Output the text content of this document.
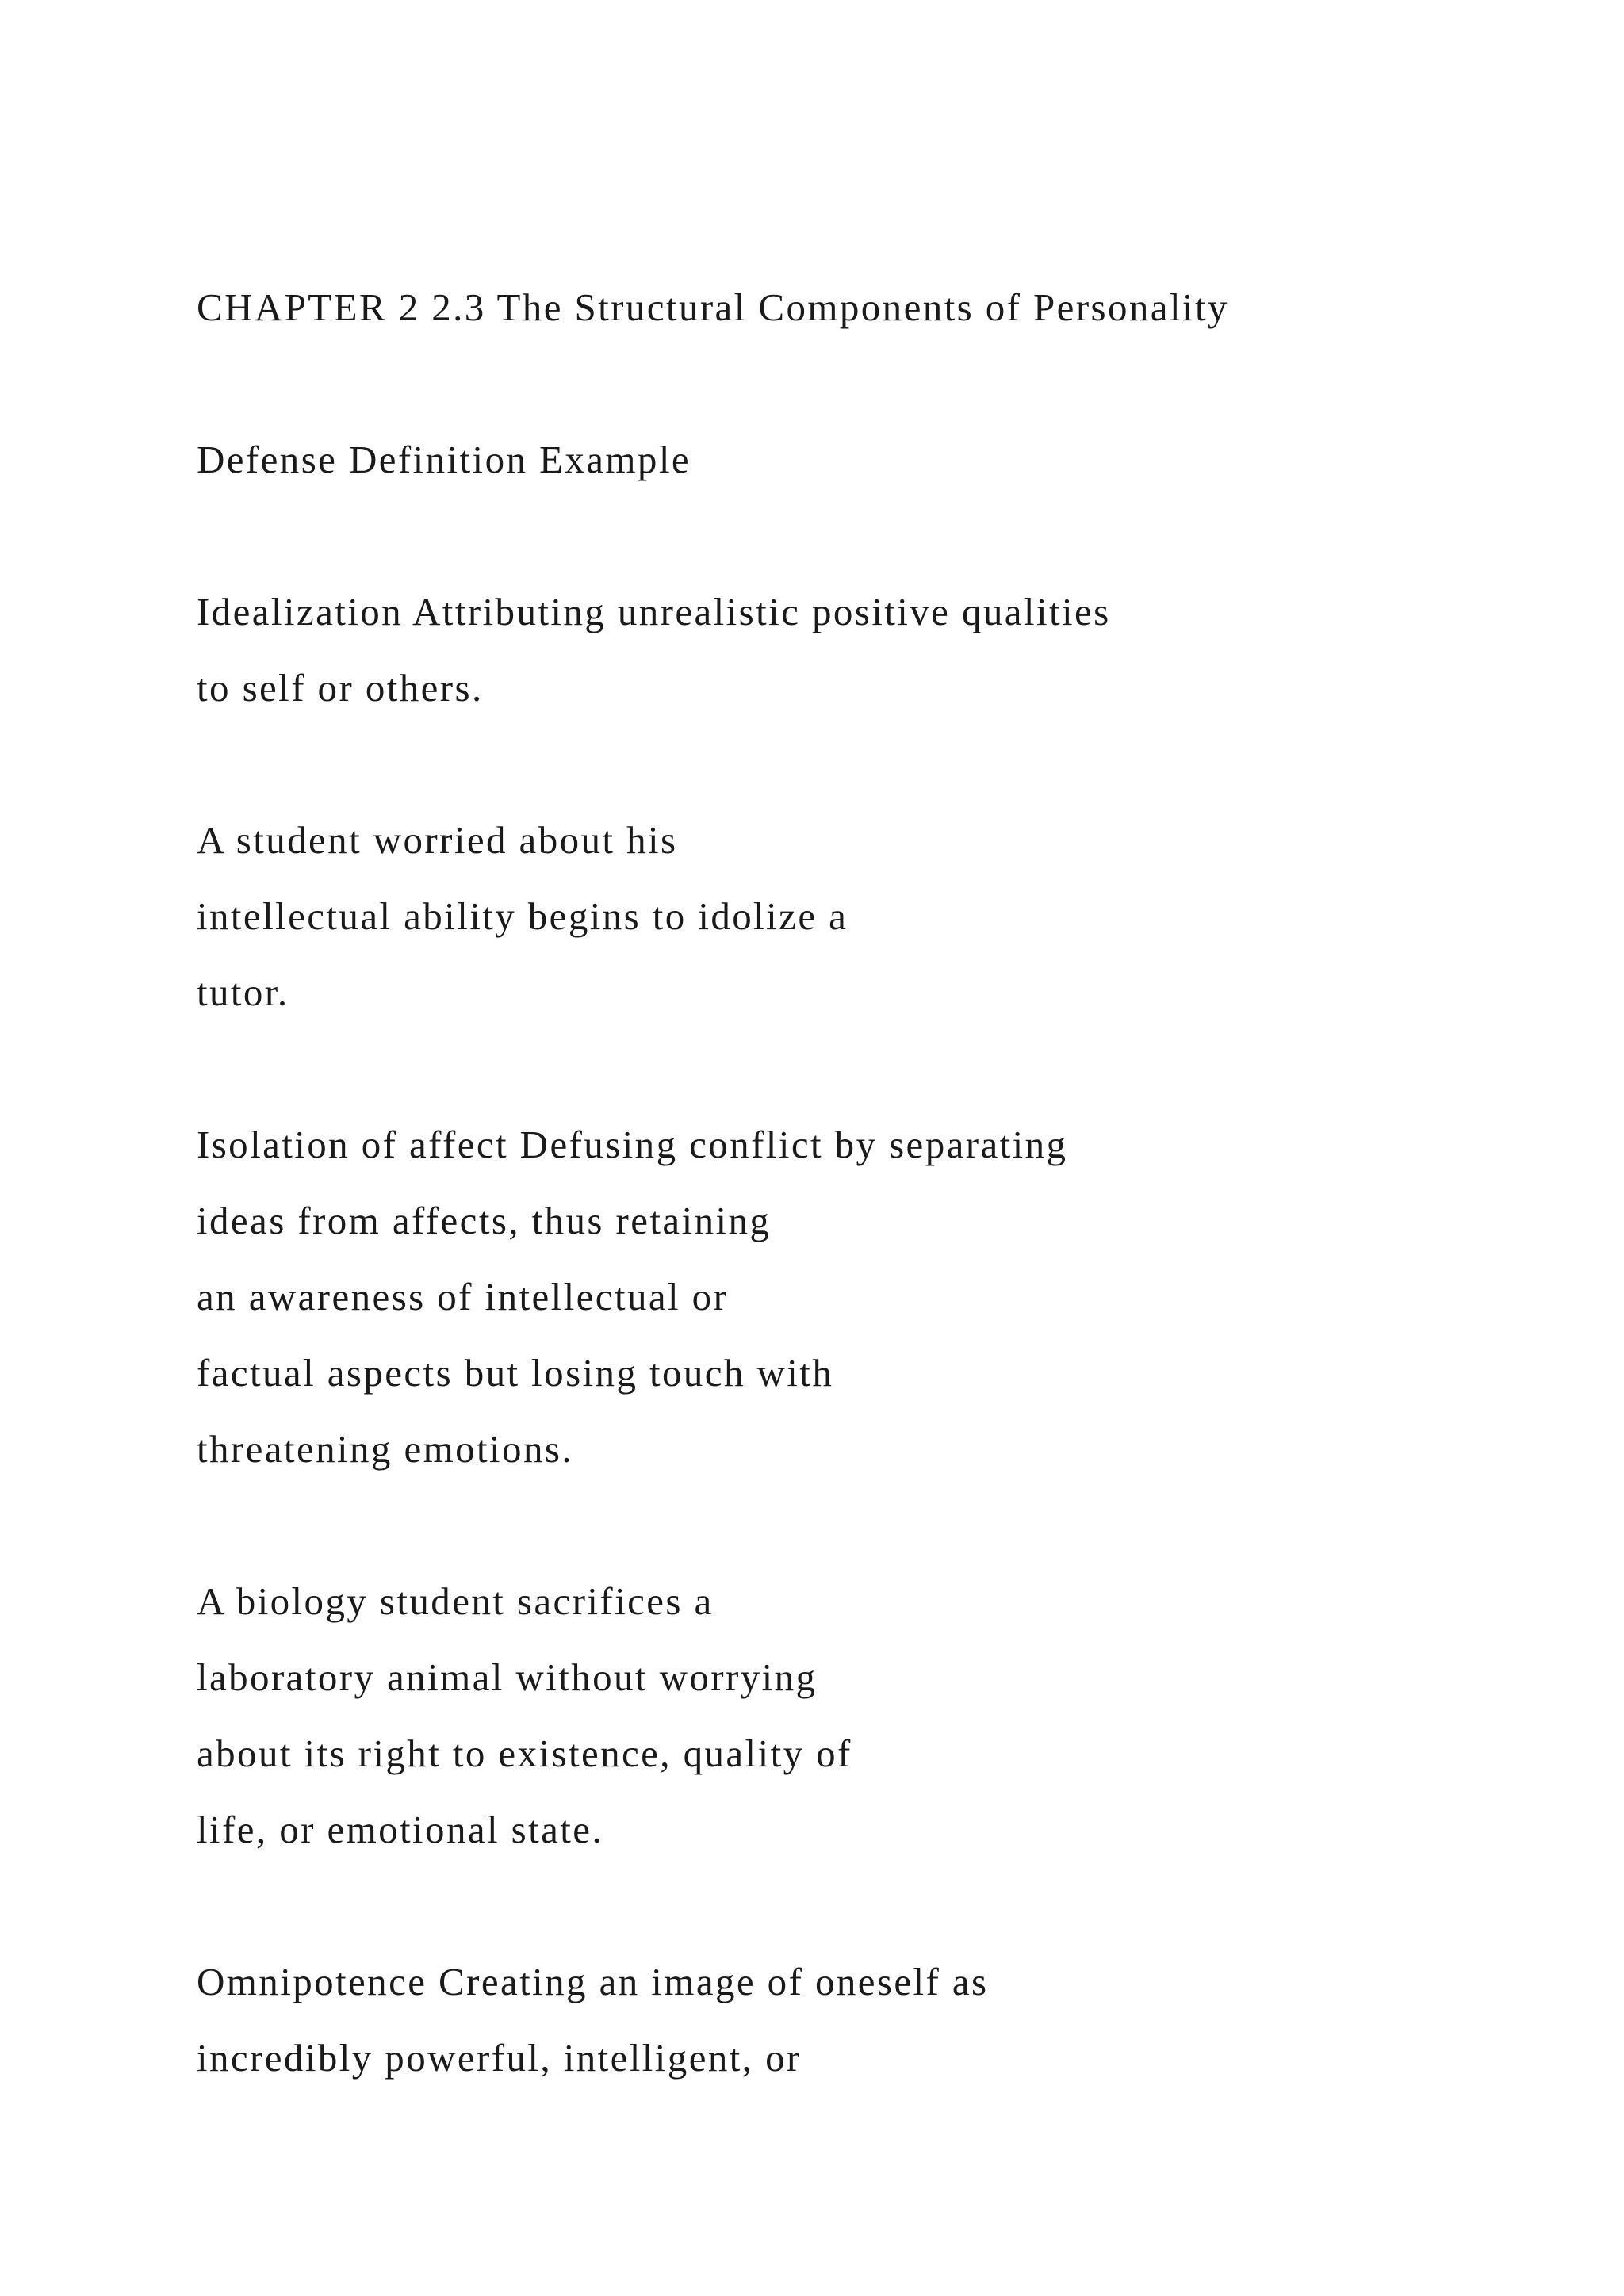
CHAPTER 2 2.3 The Structural Components of Personality
Defense Definition Example
Idealization Attributing unrealistic positive qualities
to self or others.
A student worried about his
intellectual ability begins to idolize a
tutor.
Isolation of affect Defusing conflict by separating
ideas from affects, thus retaining
an awareness of intellectual or
factual aspects but losing touch with
threatening emotions.
A biology student sacrifices a
laboratory animal without worrying
about its right to existence, quality of
life, or emotional state.
Omnipotence Creating an image of oneself as
incredibly powerful, intelligent, or
